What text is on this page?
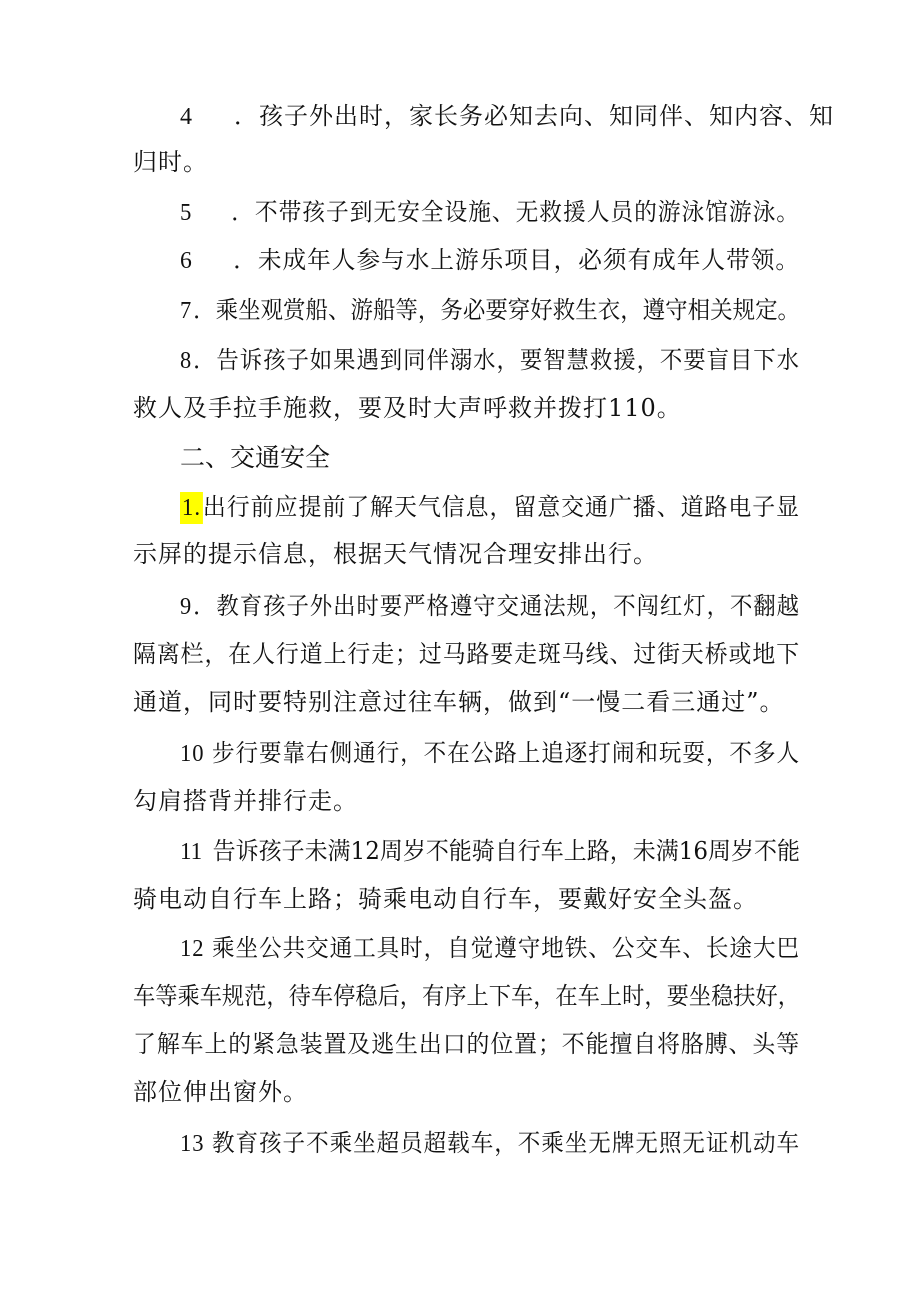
4 ．孩子外出时，家长务必知去向、知同伴、知内容、知
归时。
5 ．不带孩子到无安全设施、无救援人员的游泳馆游泳。
6 ．未成年人参与水上游乐项目，必须有成年人带领。
7．乘坐观赏船、游船等，务必要穿好救生衣，遵守相关规定。
8．告诉孩子如果遇到同伴溺水，要智慧救援，不要盲目下水
救人及手拉手施救，要及时大声呼救并拨打110。
二、交通安全
1.出行前应提前了解天气信息，留意交通广播、道路电子显
示屏的提示信息，根据天气情况合理安排出行。
9．教育孩子外出时要严格遵守交通法规，不闯红灯，不翻越
隔离栏，在人行道上行走；过马路要走斑马线、过街天桥或地下
通道，同时要特别注意过往车辆，做到“一慢二看三通过”。
10 步行要靠右侧通行，不在公路上追逐打闹和玩耍，不多人
勾肩搭背并排行走。
11 告诉孩子未满12周岁不能骑自行车上路，未满16周岁不能
骑电动自行车上路；骑乘电动自行车，要戴好安全头盔。
12 乘坐公共交通工具时，自觉遵守地铁、公交车、长途大巴
车等乘车规范，待车停稳后，有序上下车，在车上时，要坐稳扶好，
了解车上的紧急装置及逃生出口的位置；不能擅自将胳膊、头等
部位伸出窗外。
13 教育孩子不乘坐超员超载车，不乘坐无牌无照无证机动车
